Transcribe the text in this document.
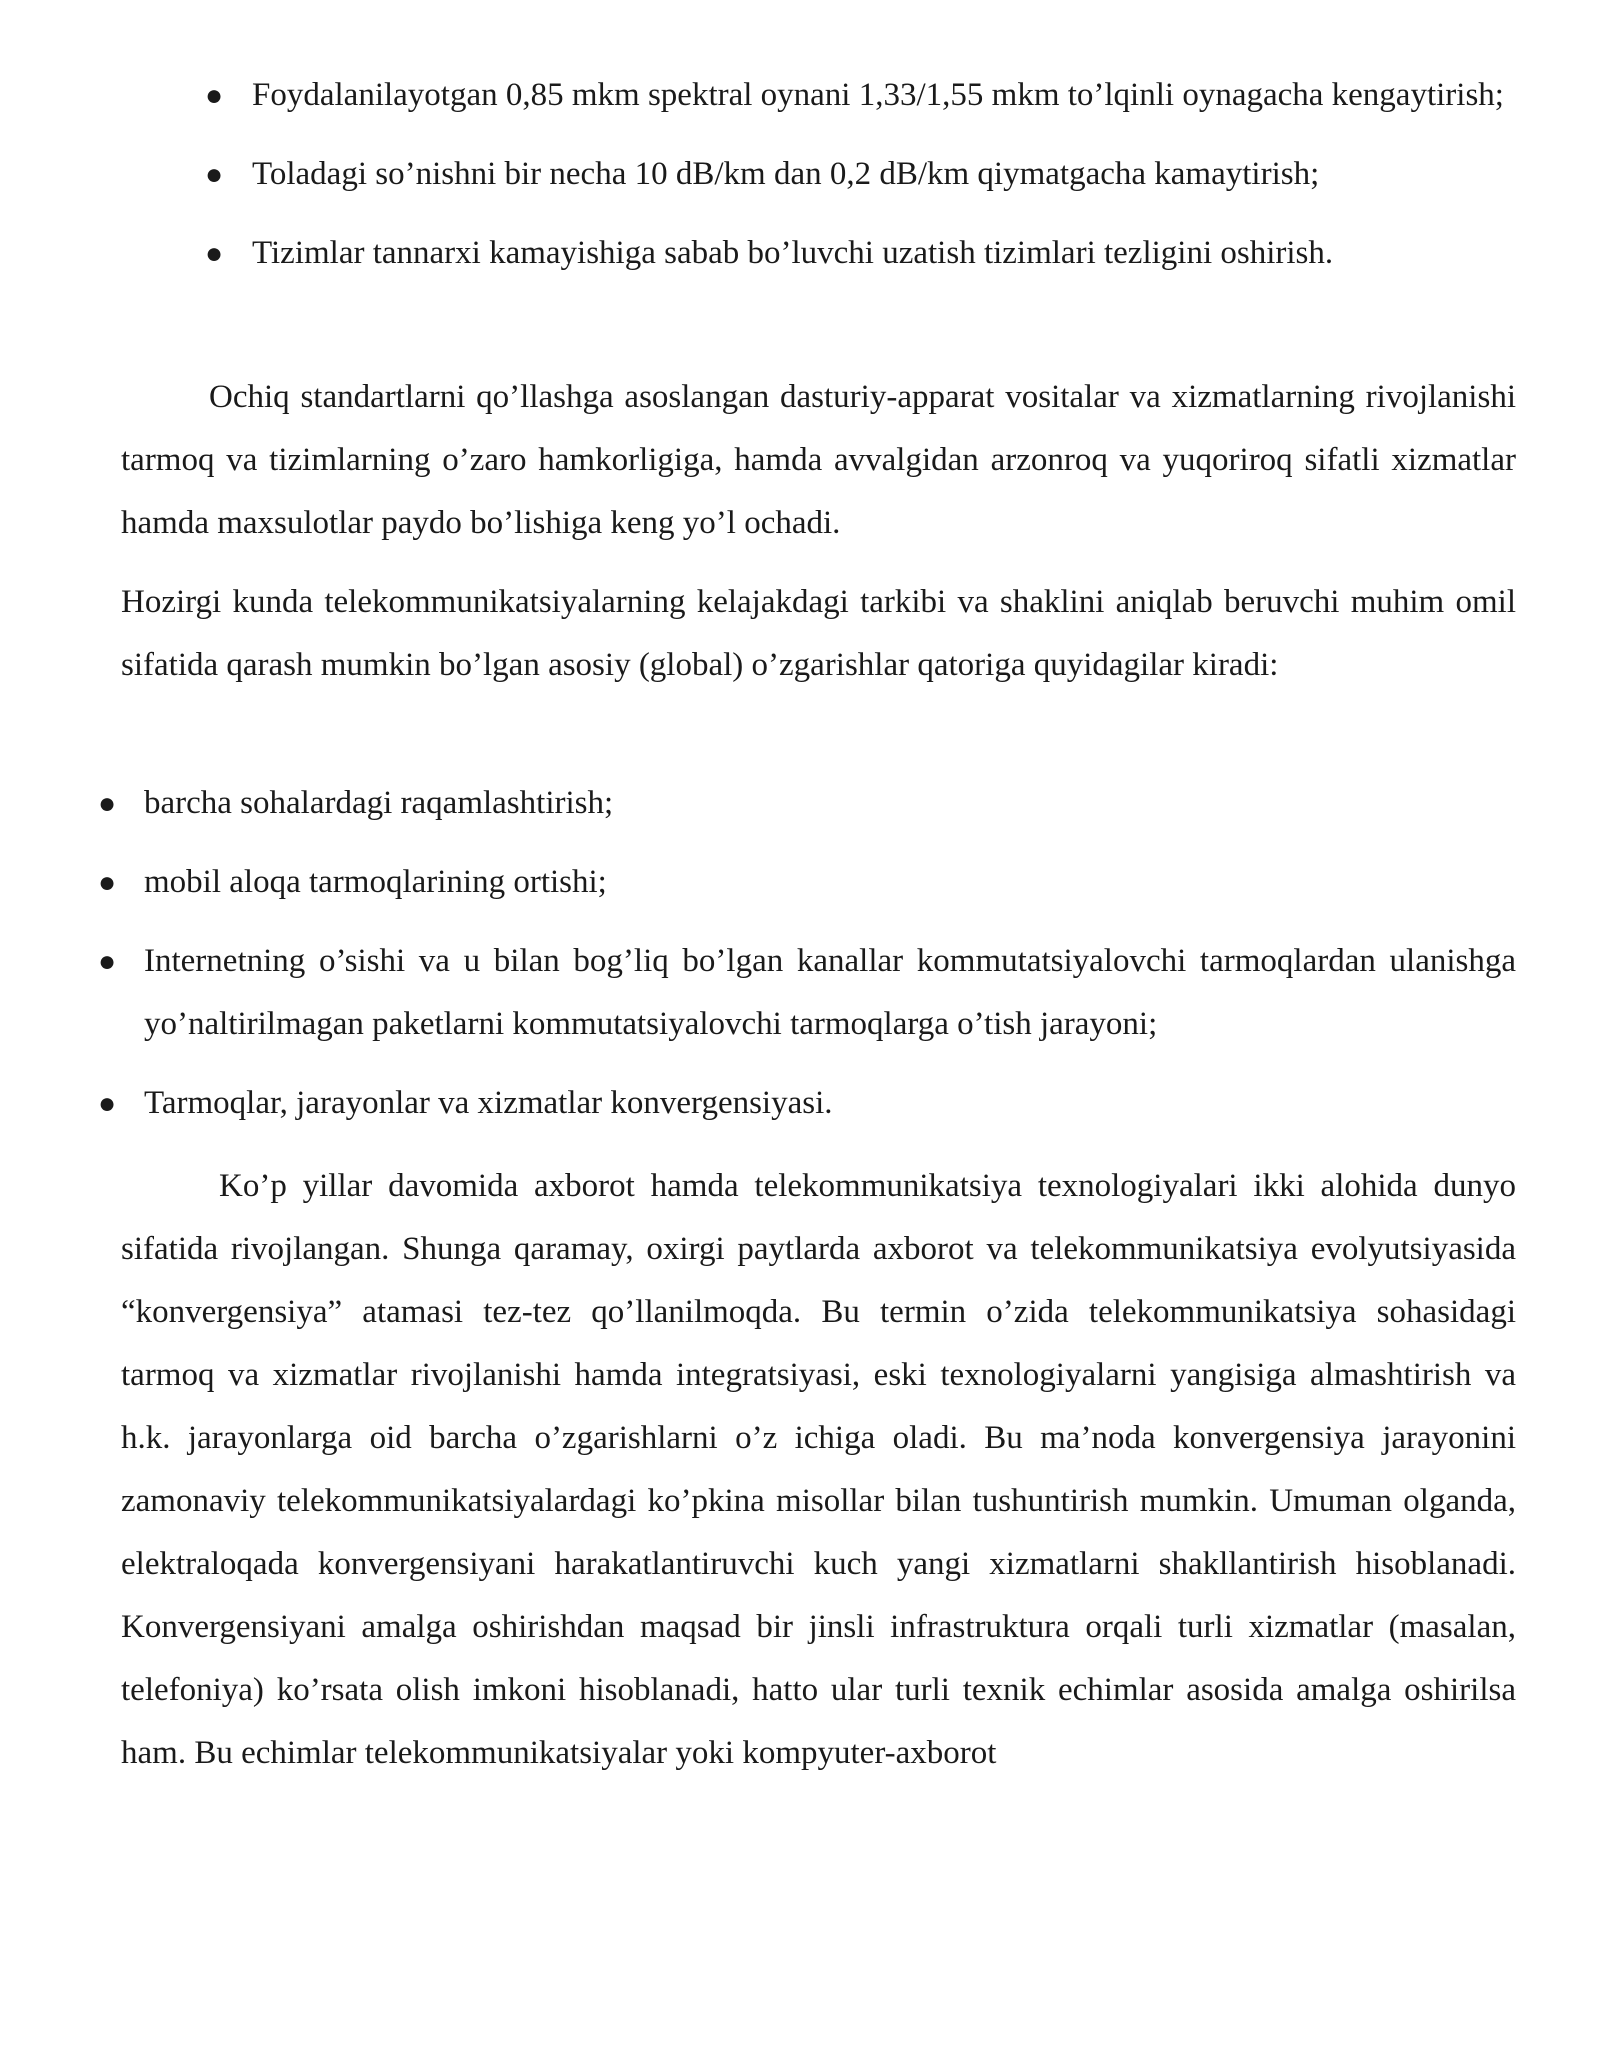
● Foydalanilayotgan 0,85 mkm spektral oynani 1,33/1,55 mkm to’lqinli oynagacha kengaytirish;
● Toladagi so’nishni bir necha 10 dB/km dan 0,2 dB/km qiymatgacha kamaytirish;
● Tizimlar tannarxi kamayishiga sabab bo’luvchi uzatish tizimlari tezligini oshirish.

Ochiq standartlarni qo’llashga asoslangan dasturiy-apparat vositalar va xizmatlarning rivojlanishi tarmoq va tizimlarning o’zaro hamkorligiga, hamda avvalgidan arzonroq va yuqoriroq sifatli xizmatlar hamda maxsulotlar paydo bo’lishiga keng yo’l ochadi.

Hozirgi kunda telekommunikatsiyalarning kelajakdagi tarkibi va shaklini aniqlab beruvchi muhim omil sifatida qarash mumkin bo’lgan asosiy (global) o’zgarishlar qatoriga quyidagilar kiradi:

● barcha sohalardagi raqamlashtirish;
● mobil aloqa tarmoqlarining ortishi;
● Internetning o’sishi va u bilan bog’liq bo’lgan kanallar kommutatsiyalovchi tarmoqlardan ulanishga yo’naltirilmagan paketlarni kommutatsiyalovchi tarmoqlarga o’tish jarayoni;
● Tarmoqlar, jarayonlar va xizmatlar konvergensiyasi.

Ko’p yillar davomida axborot hamda telekommunikatsiya texnologiyalari ikki alohida dunyo sifatida rivojlangan. Shunga qaramay, oxirgi paytlarda axborot va telekommunikatsiya evolyutsiyasida “konvergensiya” atamasi tez-tez qo’llanilmoqda. Bu termin o’zida telekommunikatsiya sohasidagi tarmoq va xizmatlar rivojlanishi hamda integratsiyasi, eski texnologiyalarni yangisiga almashtirish va h.k. jarayonlarga oid barcha o’zgarishlarni o’z ichiga oladi. Bu ma’noda konvergensiya jarayonini zamonaviy telekommunikatsiyalardagi ko’pkina misollar bilan tushuntirish mumkin. Umuman olganda, elektraloqada konvergensiyani harakatlantiruvchi kuch yangi xizmatlarni shakllantirish hisoblanadi. Konvergensiyani amalga oshirishdan maqsad bir jinsli infrastruktura orqali turli xizmatlar (masalan, telefoniya) ko’rsata olish imkoni hisoblanadi, hatto ular turli texnik echimlar asosida amalga oshirilsa ham. Bu echimlar telekommunikatsiyalar yoki kompyuter-axborot
